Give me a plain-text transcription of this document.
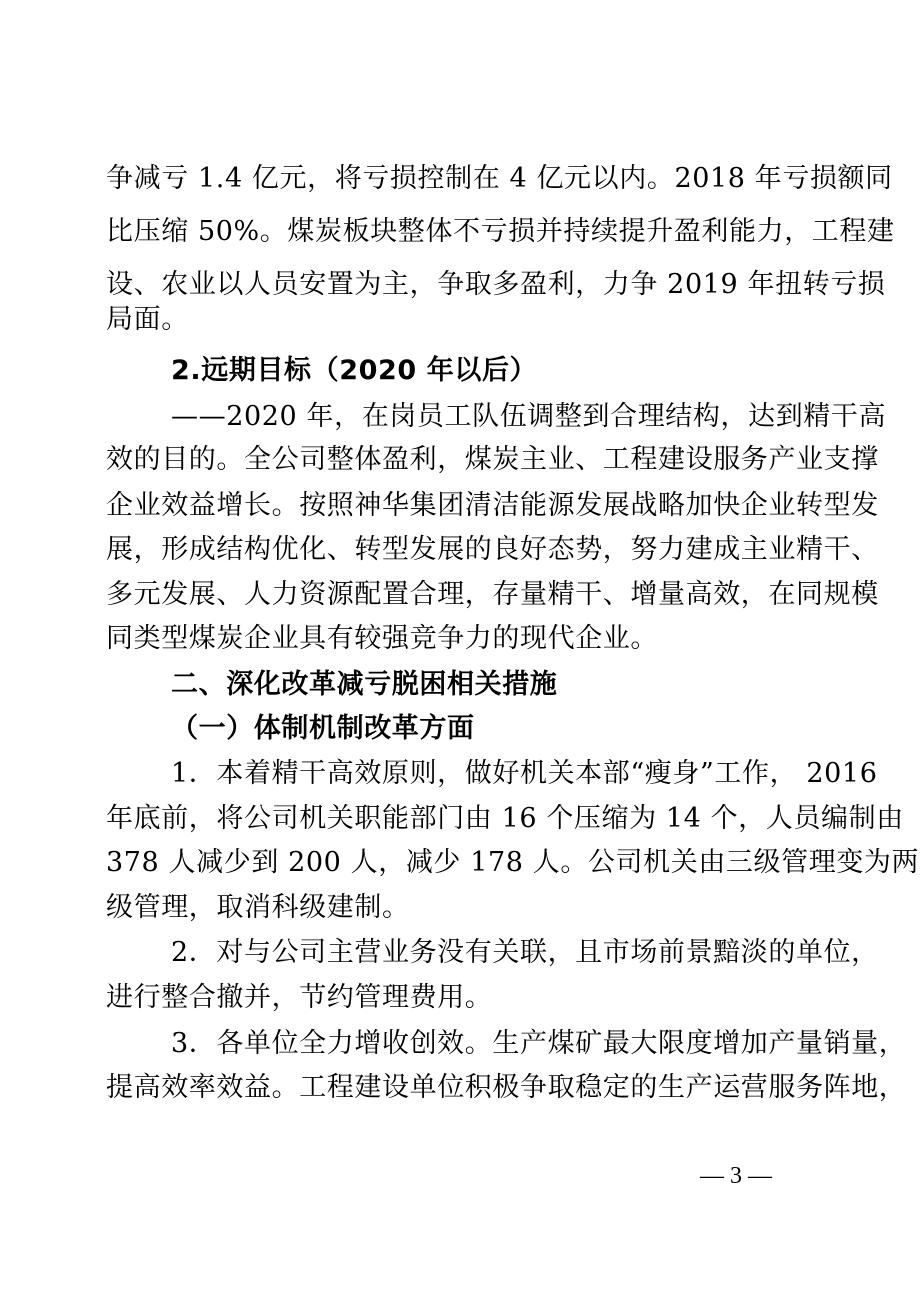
争减亏 1.4 亿元，将亏损控制在 4 亿元以内。2018 年亏损额同
比压缩 50%。煤炭板块整体不亏损并持续提升盈利能力，工程建
设、农业以人员安置为主，争取多盈利，力争 2019 年扭转亏损
局面。
2.远期目标（2020 年以后）
——2020 年，在岗员工队伍调整到合理结构，达到精干高
效的目的。全公司整体盈利，煤炭主业、工程建设服务产业支撑
企业效益增长。按照神华集团清洁能源发展战略加快企业转型发
展，形成结构优化、转型发展的良好态势，努力建成主业精干、
多元发展、人力资源配置合理，存量精干、增量高效，在同规模
同类型煤炭企业具有较强竞争力的现代企业。
二、深化改革减亏脱困相关措施
（一）体制机制改革方面
1．本着精干高效原则，做好机关本部“瘦身”工作， 2016
年底前，将公司机关职能部门由 16 个压缩为 14 个，人员编制由
378 人减少到 200 人，减少 178 人。公司机关由三级管理变为两
级管理，取消科级建制。
2．对与公司主营业务没有关联，且市场前景黯淡的单位，
进行整合撤并，节约管理费用。
3．各单位全力增收创效。生产煤矿最大限度增加产量销量，
提高效率效益。工程建设单位积极争取稳定的生产运营服务阵地，
— 3 —
